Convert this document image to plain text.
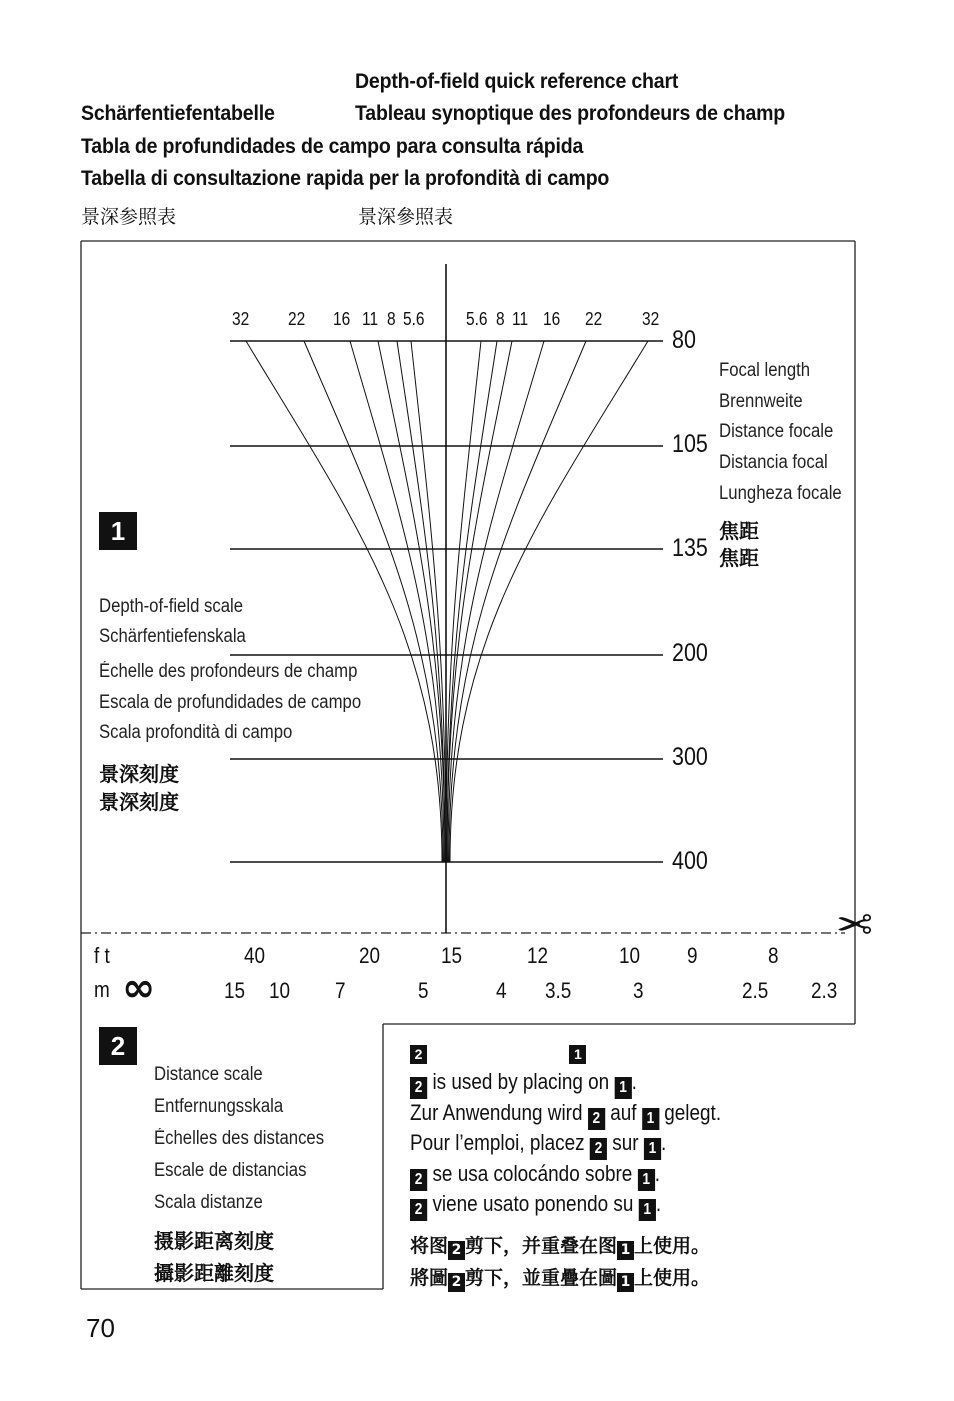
Depth-of-field quick reference chart
Schärfentiefentabelle	Tableau synoptique des profondeurs de champ
Tabla de profundidades de campo para consulta rápida
Tabella di consultazione rapida per la profondità di campo
景深参照表	景深參照表
32 22 16 11 8 5.6 5.6 8 11 16 22 32
80
105
135
200
300
400
1
Focal length
Brennweite
Distance focale
Distancia focal
Lungheza focale
焦距
焦距
Depth-of-field scale
Schärfentiefenskala
Échelle des profondeurs de champ
Escala de profundidades de campo
Scala profondità di campo
景深刻度
景深刻度
✂
f t	40	20	15	12	10 9	8
m ∞	15 10 7	5	4 3.5	3	2.5 2.3
2
Distance scale
Entfernungsskala
Échelles des distances
Escale de distancias
Scala distanze
摄影距离刻度
攝影距離刻度
2	1
2 is used by placing on 1 .
Zur Anwendung wird 2 auf 1 gelegt.
Pour l’emploi, placez 2 sur 1 .
2 se usa colocándo sobre 1 .
2 viene usato ponendo su 1 .
将图 2 剪下，并重叠在图 1 上使用。
將圖 2 剪下，並重疊在圖 1 上使用。
70
